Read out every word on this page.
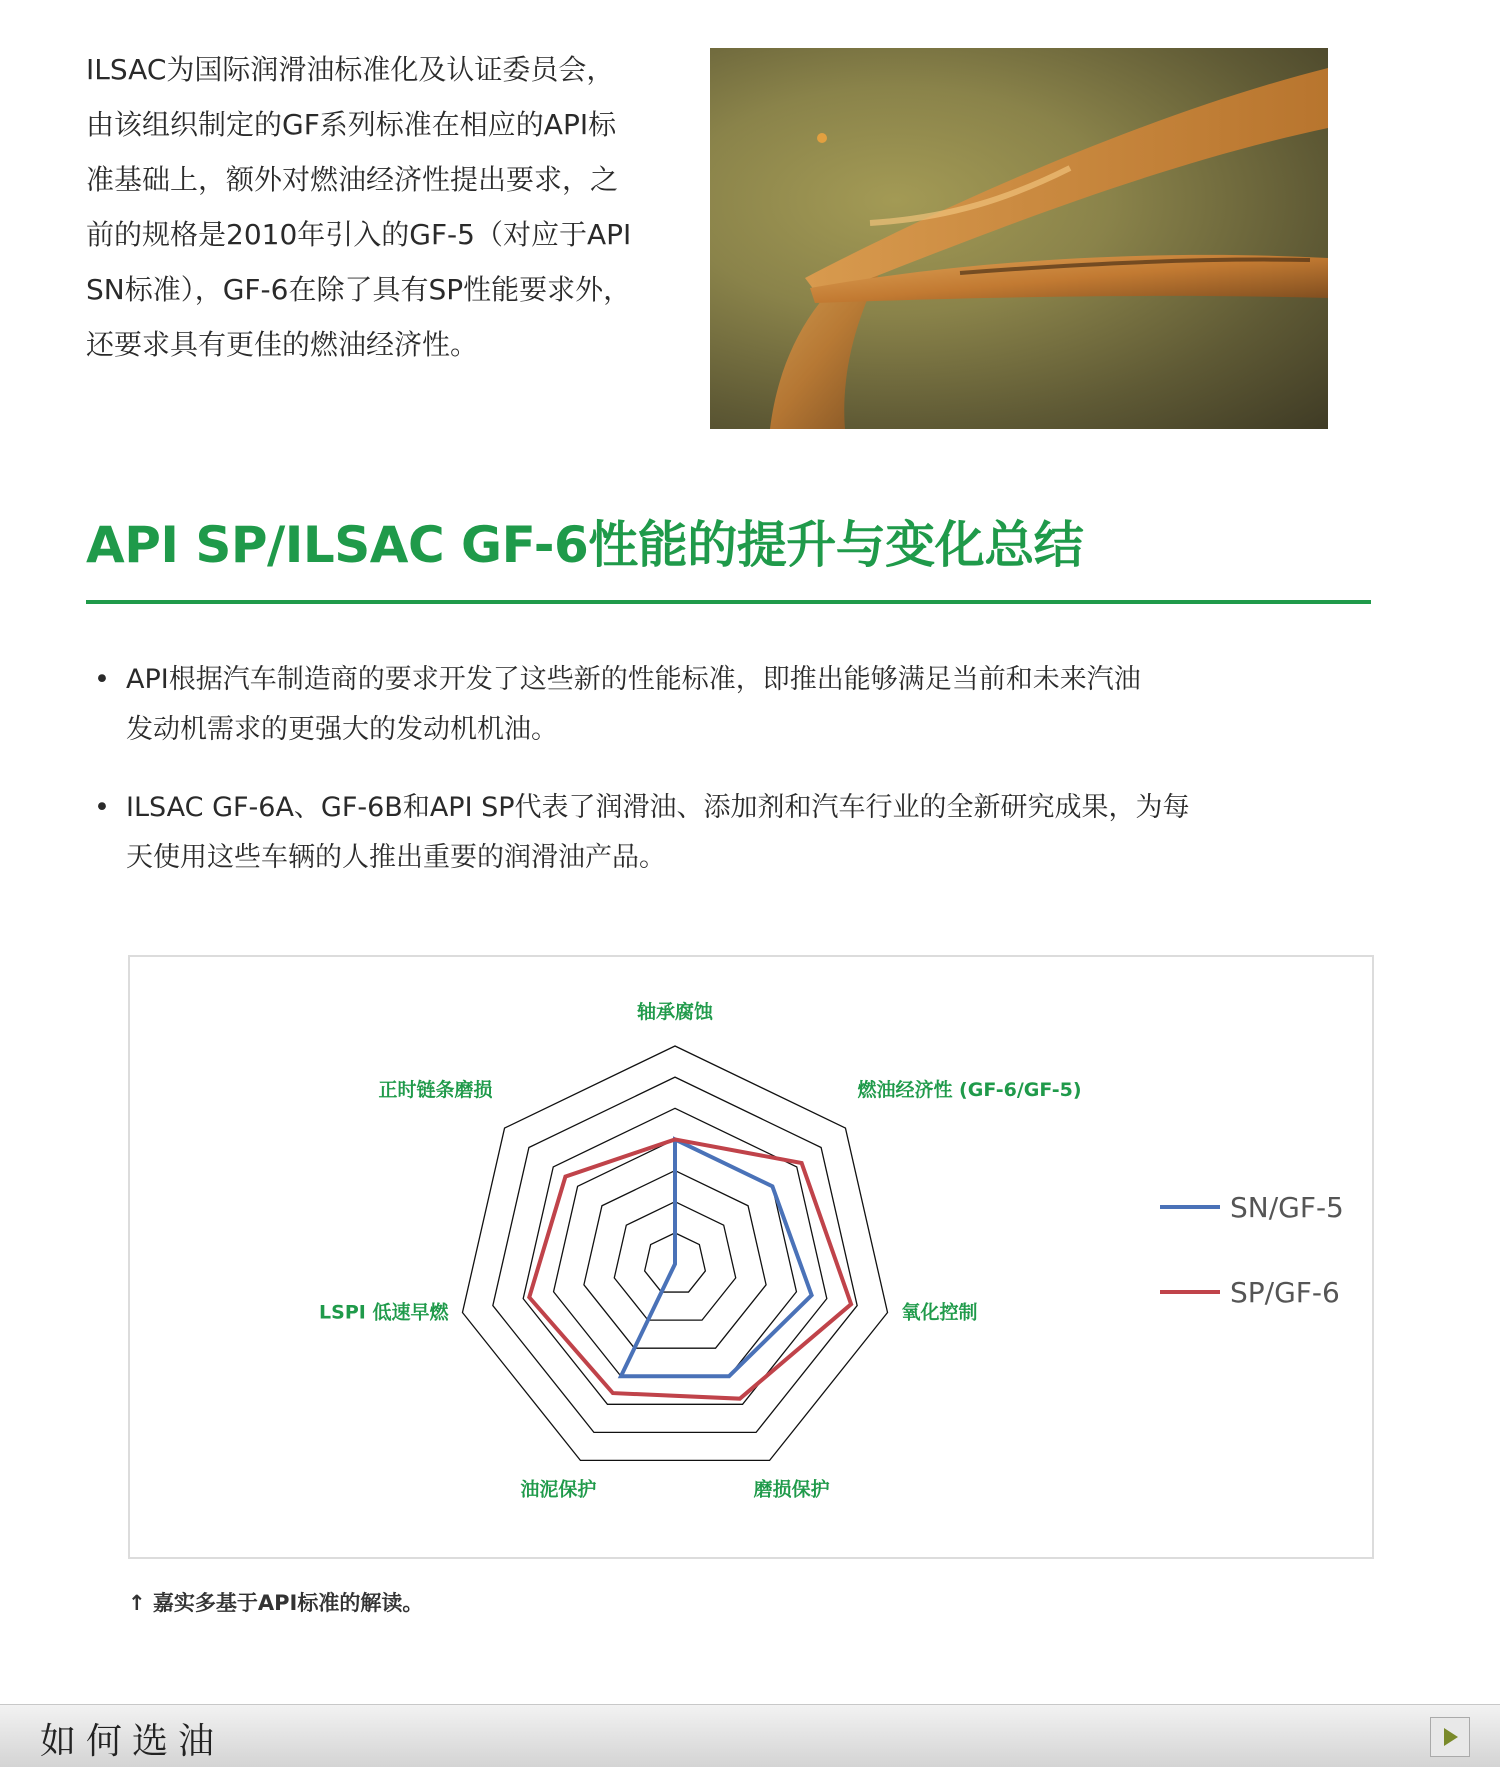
ILSAC为国际润滑油标准化及认证委员会，

由该组织制定的GF系列标准在相应的API标

准基础上，额外对燃油经济性提出要求，之

前的规格是2010年引入的GF-5（对应于API

SN标准），GF-6在除了具有SP性能要求外，

还要求具有更佳的燃油经济性。

API SP/ILSAC GF-6性能的提升与变化总结
• API根据汽车制造商的要求开发了这些新的性能标准，即推出能够满足当前和未来汽油
发动机需求的更强大的发动机机油。
• ILSAC GF-6A、GF-6B和API SP代表了润滑油、添加剂和汽车行业的全新研究成果，为每
天使用这些车辆的人推出重要的润滑油产品。
轴承腐蚀
燃油经济性 (GF-6/GF-5)
氧化控制
磨损保护
油泥保护
LSPI 低速早燃
正时链条磨损
SN/GF-5
SP/GF-6
↑ 嘉实多基于API标准的解读。
如何选油
